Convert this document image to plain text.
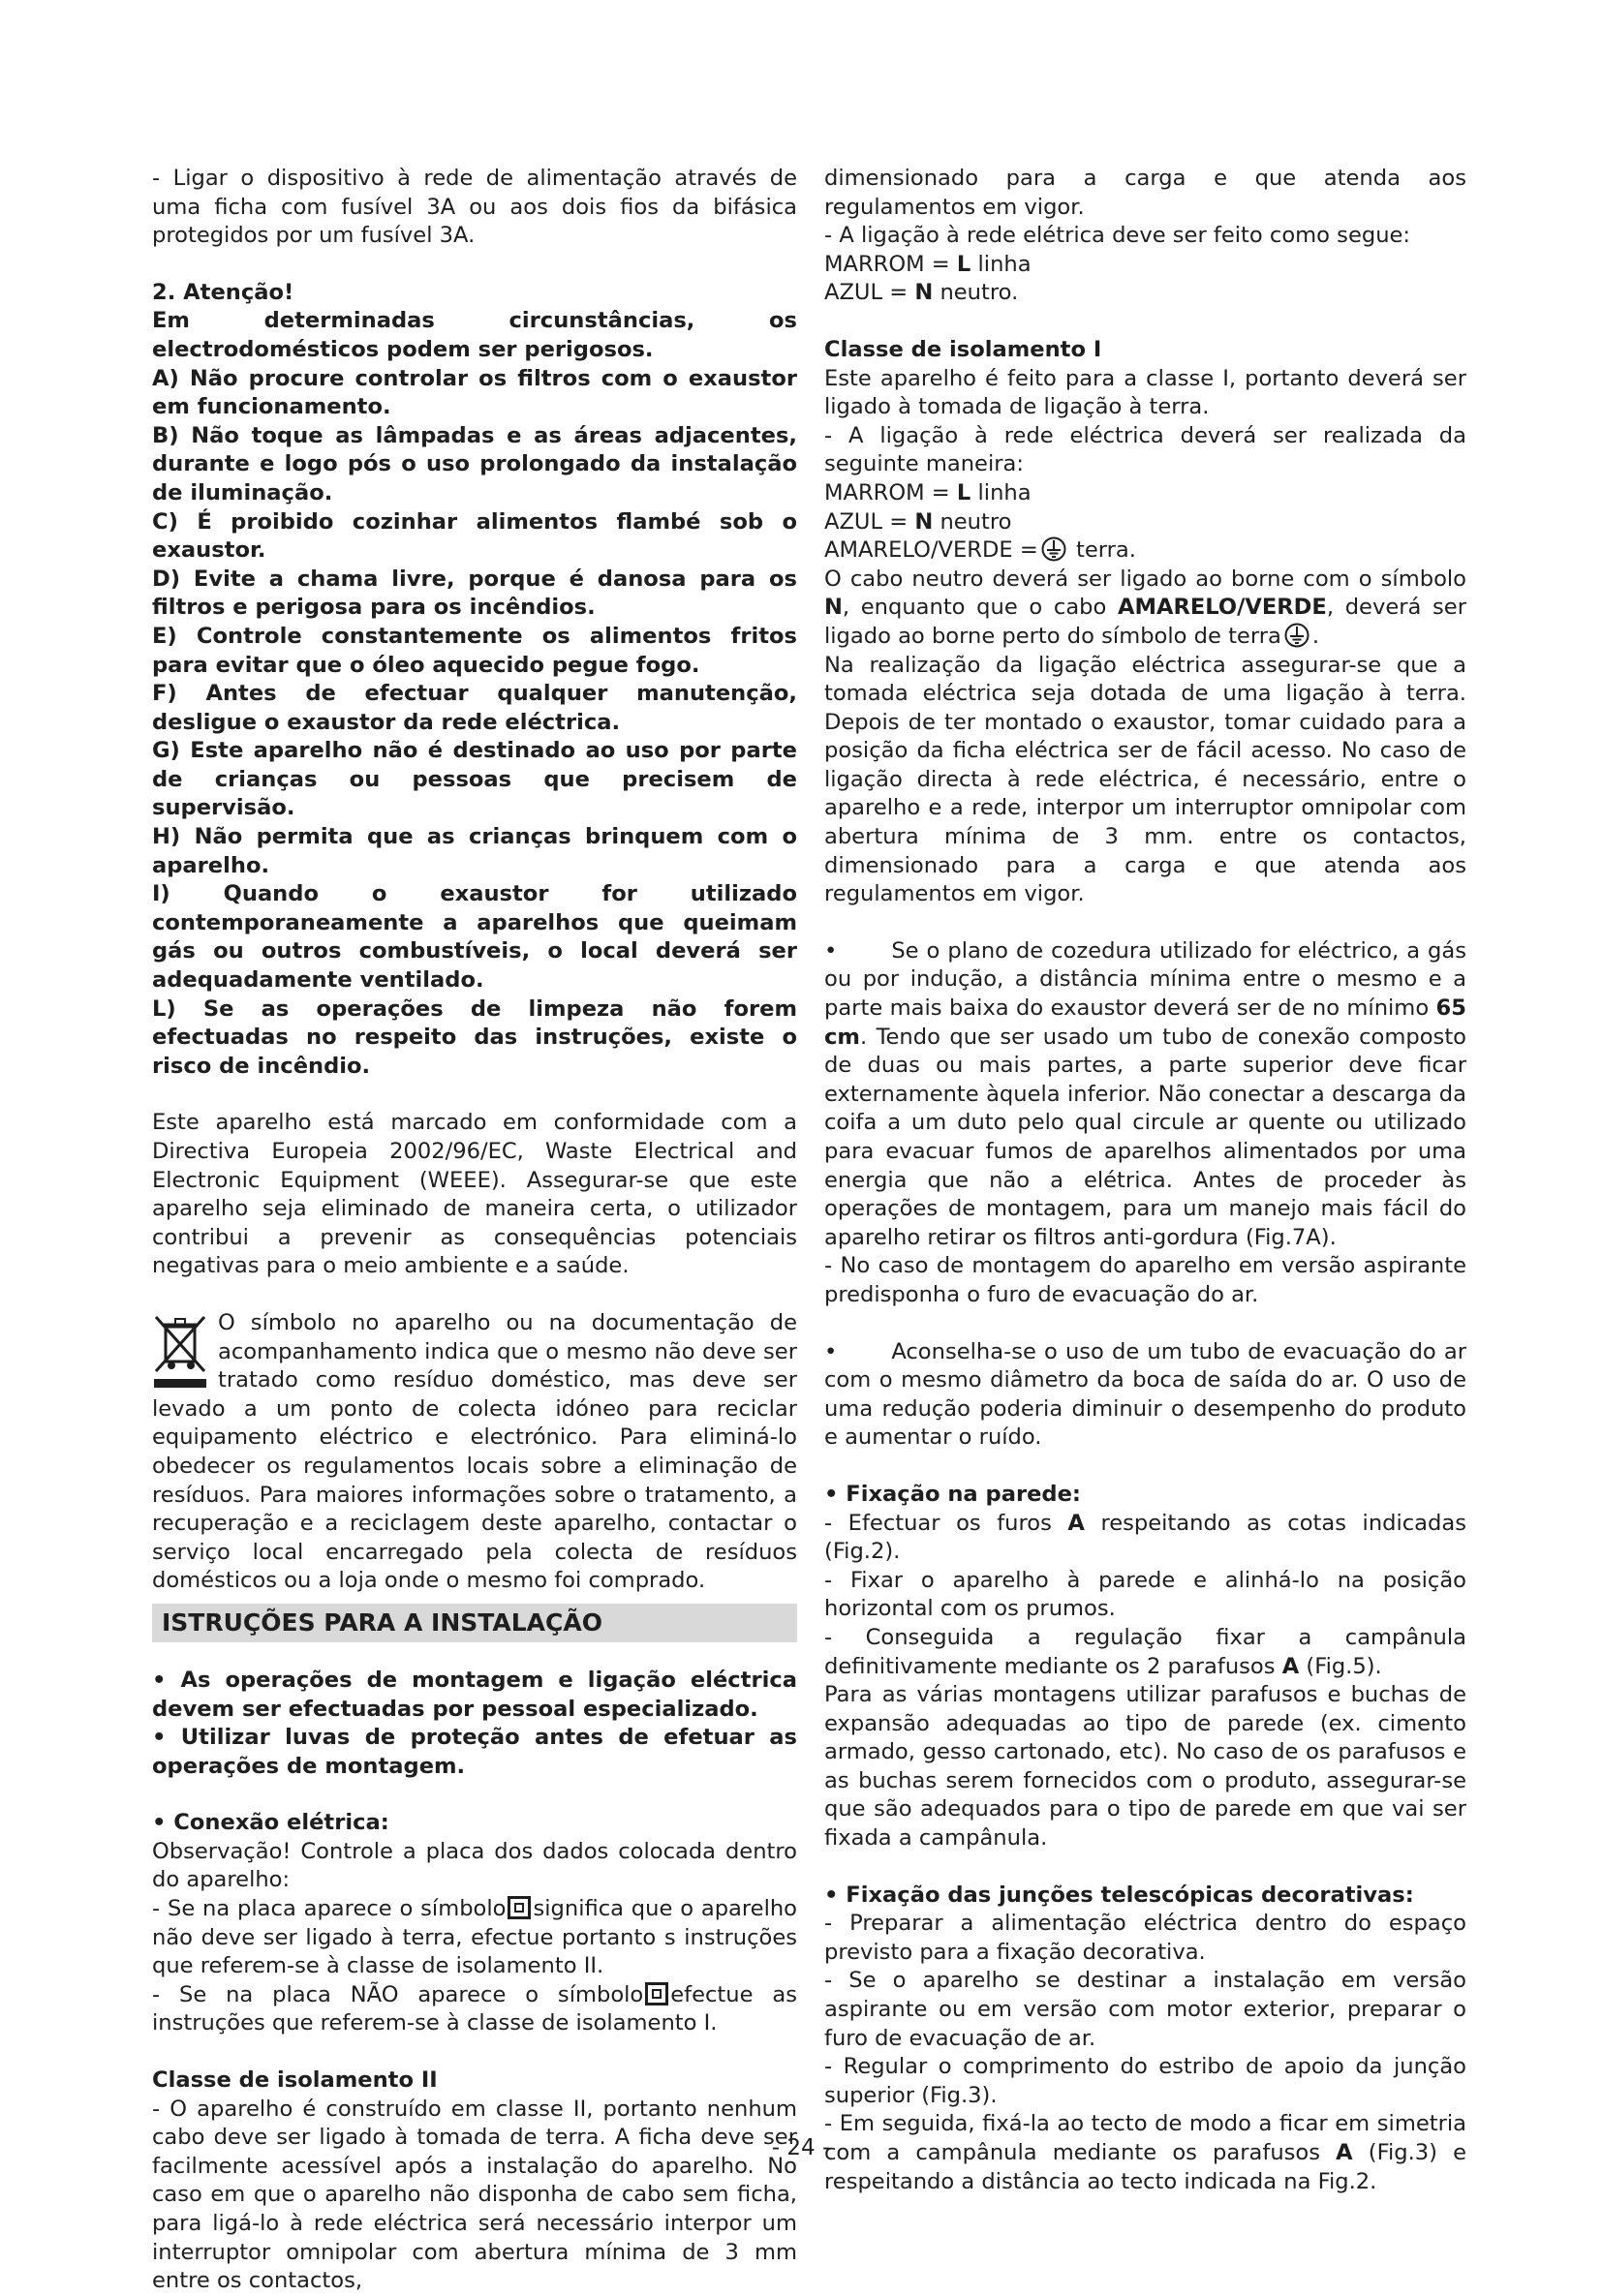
- Ligar o dispositivo à rede de alimentação através de uma ficha com fusível 3A ou aos dois fios da bifásica protegidos por um fusível 3A.

2. Atenção!

Em determinadas circunstâncias, os electrodomésticos podem ser perigosos.

A) Não procure controlar os filtros com o exaustor em funcionamento.

B) Não toque as lâmpadas e as áreas adjacentes, durante e logo pós o uso prolongado da instalação de iluminação.

C) É proibido cozinhar alimentos flambé sob o exaustor.

D) Evite a chama livre, porque é danosa para os filtros e perigosa para os incêndios.

E) Controle constantemente os alimentos fritos para evitar que o óleo aquecido pegue fogo.

F) Antes de efectuar qualquer manutenção, desligue o exaustor da rede eléctrica.

G) Este aparelho não é destinado ao uso por parte de crianças ou pessoas que precisem de supervisão.

H) Não permita que as crianças brinquem com o aparelho.

I) Quando o exaustor for utilizado contemporaneamente a aparelhos que queimam gás ou outros combustíveis, o local deverá ser adequadamente ventilado.

L) Se as operações de limpeza não forem efectuadas no respeito das instruções, existe o risco de incêndio.

Este aparelho está marcado em conformidade com a Directiva Europeia 2002/96/EC, Waste Electrical and Electronic Equipment (WEEE). Assegurar-se que este aparelho seja eliminado de maneira certa, o utilizador contribui a prevenir as consequências potenciais negativas para o meio ambiente e a saúde.

O símbolo no aparelho ou na documentação de acompanhamento indica que o mesmo não deve ser tratado como resíduo doméstico, mas deve ser levado a um ponto de colecta idóneo para reciclar equipamento eléctrico e electrónico. Para eliminá-lo obedecer os regulamentos locais sobre a eliminação de resíduos. Para maiores informações sobre o tratamento, a recuperação e a reciclagem deste aparelho, contactar o serviço local encarregado pela colecta de resíduos domésticos ou a loja onde o mesmo foi comprado.

ISTRUÇÕES PARA A INSTALAÇÃO

• As operações de montagem e ligação eléctrica devem ser efectuadas por pessoal especializado.

• Utilizar luvas de proteção antes de efetuar as operações de montagem.

• Conexão elétrica:

Observação! Controle a placa dos dados colocada dentro do aparelho:

- Se na placa aparece o símbolo significa que o aparelho não deve ser ligado à terra, efectue portanto s instruções que referem-se à classe de isolamento II.

- Se na placa NÃO aparece o símbolo efectue as instruções que referem-se à classe de isolamento I.

Classe de isolamento II

- O aparelho é construído em classe II, portanto nenhum cabo deve ser ligado à tomada de terra. A ficha deve ser facilmente acessível após a instalação do aparelho. No caso em que o aparelho não disponha de cabo sem ficha, para ligá-lo à rede eléctrica será necessário interpor um interruptor omnipolar com abertura mínima de 3 mm entre os contactos,

dimensionado para a carga e que atenda aos regulamentos em vigor.

- A ligação à rede elétrica deve ser feito como segue:

MARROM = L linha

AZUL = N neutro.

Classe de isolamento I

Este aparelho é feito para a classe I, portanto deverá ser ligado à tomada de ligação à terra.

- A ligação à rede eléctrica deverá ser realizada da seguinte maneira:

MARROM = L linha

AZUL = N neutro

AMARELO/VERDE = terra.

O cabo neutro deverá ser ligado ao borne com o símbolo N, enquanto que o cabo AMARELO/VERDE, deverá ser ligado ao borne perto do símbolo de terra .

Na realização da ligação eléctrica assegurar-se que a tomada eléctrica seja dotada de uma ligação à terra. Depois de ter montado o exaustor, tomar cuidado para a posição da ficha eléctrica ser de fácil acesso. No caso de ligação directa à rede eléctrica, é necessário, entre o aparelho e a rede, interpor um interruptor omnipolar com abertura mínima de 3 mm. entre os contactos, dimensionado para a carga e que atenda aos regulamentos em vigor.

• Se o plano de cozedura utilizado for eléctrico, a gás ou por indução, a distância mínima entre o mesmo e a parte mais baixa do exaustor deverá ser de no mínimo 65 cm. Tendo que ser usado um tubo de conexão composto de duas ou mais partes, a parte superior deve ficar externamente àquela inferior. Não conectar a descarga da coifa a um duto pelo qual circule ar quente ou utilizado para evacuar fumos de aparelhos alimentados por uma energia que não a elétrica. Antes de proceder às operações de montagem, para um manejo mais fácil do aparelho retirar os filtros anti-gordura (Fig.7A).

- No caso de montagem do aparelho em versão aspirante predisponha o furo de evacuação do ar.

• Aconselha-se o uso de um tubo de evacuação do ar com o mesmo diâmetro da boca de saída do ar. O uso de uma redução poderia diminuir o desempenho do produto e aumentar o ruído.

• Fixação na parede:

- Efectuar os furos A respeitando as cotas indicadas (Fig.2).

- Fixar o aparelho à parede e alinhá-lo na posição horizontal com os prumos.

- Conseguida a regulação fixar a campânula definitivamente mediante os 2 parafusos A (Fig.5).

Para as várias montagens utilizar parafusos e buchas de expansão adequadas ao tipo de parede (ex. cimento armado, gesso cartonado, etc). No caso de os parafusos e as buchas serem fornecidos com o produto, assegurar-se que são adequados para o tipo de parede em que vai ser fixada a campânula.

• Fixação das junções telescópicas decorativas:

- Preparar a alimentação eléctrica dentro do espaço previsto para a fixação decorativa.

- Se o aparelho se destinar a instalação em versão aspirante ou em versão com motor exterior, preparar o furo de evacuação de ar.

- Regular o comprimento do estribo de apoio da junção superior (Fig.3).

- Em seguida, fixá-la ao tecto de modo a ficar em simetria com a campânula mediante os parafusos A (Fig.3) e respeitando a distância ao tecto indicada na Fig.2.

- 24 -
